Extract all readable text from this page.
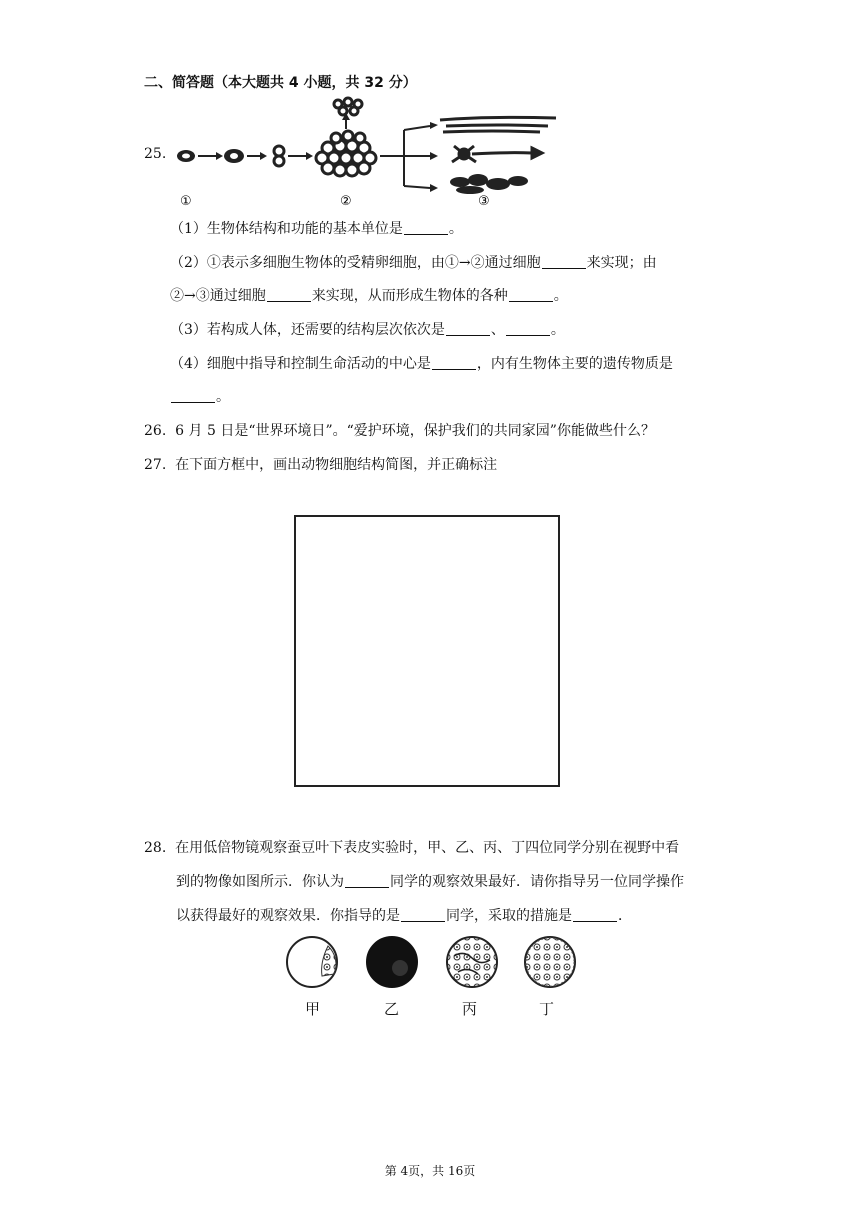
二、简答题（本大题共 4 小题，共 32 分）
25.
①	②	③
（1）生物体结构和功能的基本单位是	。
（2）①表示多细胞生物体的受精卵细胞，由①→②通过细胞	来实现；由
②→③通过细胞	来实现，从而形成生物体的各种	。
（3）若构成人体，还需要的结构层次依次是	、	。
（4）细胞中指导和控制生命活动的中心是	，内有生物体主要的遗传物质是
。
26. 6 月 5 日是“世界环境日”。“爱护环境，保护我们的共同家园”你能做些什么？
27. 在下面方框中，画出动物细胞结构简图，并正确标注
28. 在用低倍物镜观察蚕豆叶下表皮实验时，甲、乙、丙、丁四位同学分别在视野中看
到的物像如图所示．你认为	同学的观察效果最好．请你指导另一位同学操作
以获得最好的观察效果．你指导的是	同学，采取的措施是	．
甲	乙	丙	丁
第 4页，共 16页
